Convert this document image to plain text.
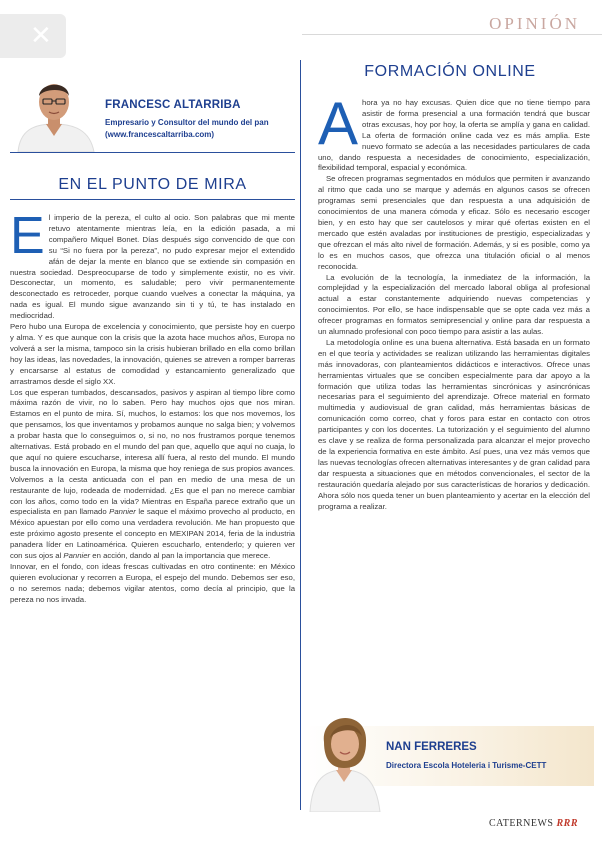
✕	OPINIÓN
FRANCESC ALTARRIBA
Empresario y Consultor del mundo del pan
(www.francescaltarriba.com)
EN EL PUNTO DE MIRA

El imperio de la pereza, el culto al ocio. Son palabras que mi mente retuvo atentamente mientras leía, en la edición pasada, a mi compañero Miquel Bonet. Días después sigo convencido de que con su “Si no fuera por la pereza”, no pudo expresar mejor el extendido afán de dejar la mente en blanco que se extiende sin compasión en nuestra sociedad. Despreocuparse de todo y simplemente existir, no es vivir. Desconectar, un momento, es saludable; pero vivir permanentemente desconectado es retroceder, porque cuando vuelves a conectar la máquina, ya nada es igual. El mundo sigue avanzando sin ti y tú, te has instalado en mediocridad.

Pero hubo una Europa de excelencia y conocimiento, que persiste hoy en cuerpo y alma. Y es que aunque con la crisis que la azota hace muchos años, Europa no volverá a ser la misma, tampoco sin la crisis hubieran brillado en ella como brillan hoy las ideas, las novedades, la innovación, quienes se atreven a romper barreras y encarsarse al estatus de comodidad y estancamiento generalizado que arrastramos desde el siglo XX.

Los que esperan tumbados, descansados, pasivos y aspiran al tiempo libre como máxima razón de vivir, no lo saben. Pero hay muchos ojos que nos miran. Estamos en el punto de mira. Sí, muchos, lo estamos: los que nos movemos, los que pensamos, los que inventamos y probamos aunque no salga bien; y volvemos a probar hasta que lo conseguimos o, si no, no nos frustramos porque tenemos alternativas. Está probado en el mundo del pan que, aquello que aquí no cuaja, lo que aquí no quiere escucharse, interesa allí fuera, al resto del mundo. El mundo busca la innovación en Europa, la misma que hoy reniega de sus propios avances. Volvemos a la cesta anticuada con el pan en medio de una mesa de un restaurante de lujo, rodeada de modernidad. ¿Es que el pan no merece cambiar con los años, como todo en la vida? Mientras en España parece extraño que un especialista en pan llamado Pannier le saque el máximo provecho al producto, en México apuestan por ello como una verdadera revolución. Me han propuesto que este próximo agosto presente el concepto en MEXIPAN 2014, feria de la industria panadera líder en Latinoamérica. Quieren escucharlo, entenderlo; y quieren ver con sus ojos al Pannier en acción, dando al pan la importancia que merece.

Innovar, en el fondo, con ideas frescas cultivadas en otro continente: en México quieren evolucionar y recorren a Europa, el espejo del mundo. Debemos ser eso, o no seremos nada; debemos vigilar atentos, como decía al principio, que la pereza no nos invada.

FORMACIÓN ONLINE

Ahora ya no hay excusas. Quien dice que no tiene tiempo para asistir de forma presencial a una formación tendrá que buscar otras excusas, hoy por hoy, la oferta se amplía y gana en calidad. La oferta de formación online cada vez es más amplia. Este nuevo formato se adecúa a las necesidades particulares de cada uno, dando respuesta a necesidades de conocimiento, especialización, flexibilidad temporal, espacial y económica.

Se ofrecen programas segmentados en módulos que permiten ir avanzando al ritmo que cada uno se marque y además en algunos casos se ofrecen programas semi presenciales que dan respuesta a una adquisición de conocimientos de una manera cómoda y eficaz. Sólo es necesario escoger bien, y en esto hay que ser cautelosos y mirar qué ofertas existen en el mercado que estén avaladas por instituciones de prestigio, especializadas y que ofrezcan el más alto nivel de formación. Además, y si es posible, como ya lo es en muchos casos, que ofrezca una titulación oficial o al menos reconocida.

La evolución de la tecnología, la inmediatez de la información, la complejidad y la especialización del mercado laboral obliga al profesional actual a estar constantemente adquiriendo nuevas competencias y conocimientos. Por ello, se hace indispensable que se opte cada vez más a ofrecer programas en formatos semipresencial y online para dar respuesta a un alumnado profesional con poco tiempo para asistir a las aulas.

La metodología online es una buena alternativa. Está basada en un formato en el que teoría y actividades se realizan utilizando las herramientas digitales más innovadoras, con planteamientos didácticos e interactivos. Ofrece unas herramientas virtuales que se conciben especialmente para dar apoyo a la formación que utiliza todas las herramientas sincrónicas y asincrónicas necesarias para el seguimiento del aprendizaje. Ofrece material en formato multimedia y audiovisual de gran calidad, más herramientas básicas de comunicación como correo, chat y foros para estar en contacto con otros participantes y con los docentes. La tutorización y el seguimiento del alumno es clave y se realiza de forma personalizada para alcanzar el mejor provecho de la experiencia formativa en este ámbito. Así pues, una vez más vemos que las nuevas tecnologías ofrecen alternativas interesantes y de gran calidad para dar respuesta a situaciones que en métodos convencionales, el sector de la restauración quedaría alejado por sus características de horarios y dedicación. Ahora sólo nos queda tener un buen planteamiento y acertar en la elección del programa a realizar.

NAN FERRERES
Directora Escola Hoteleria i Turisme-CETT
CATERNEWS RRR
